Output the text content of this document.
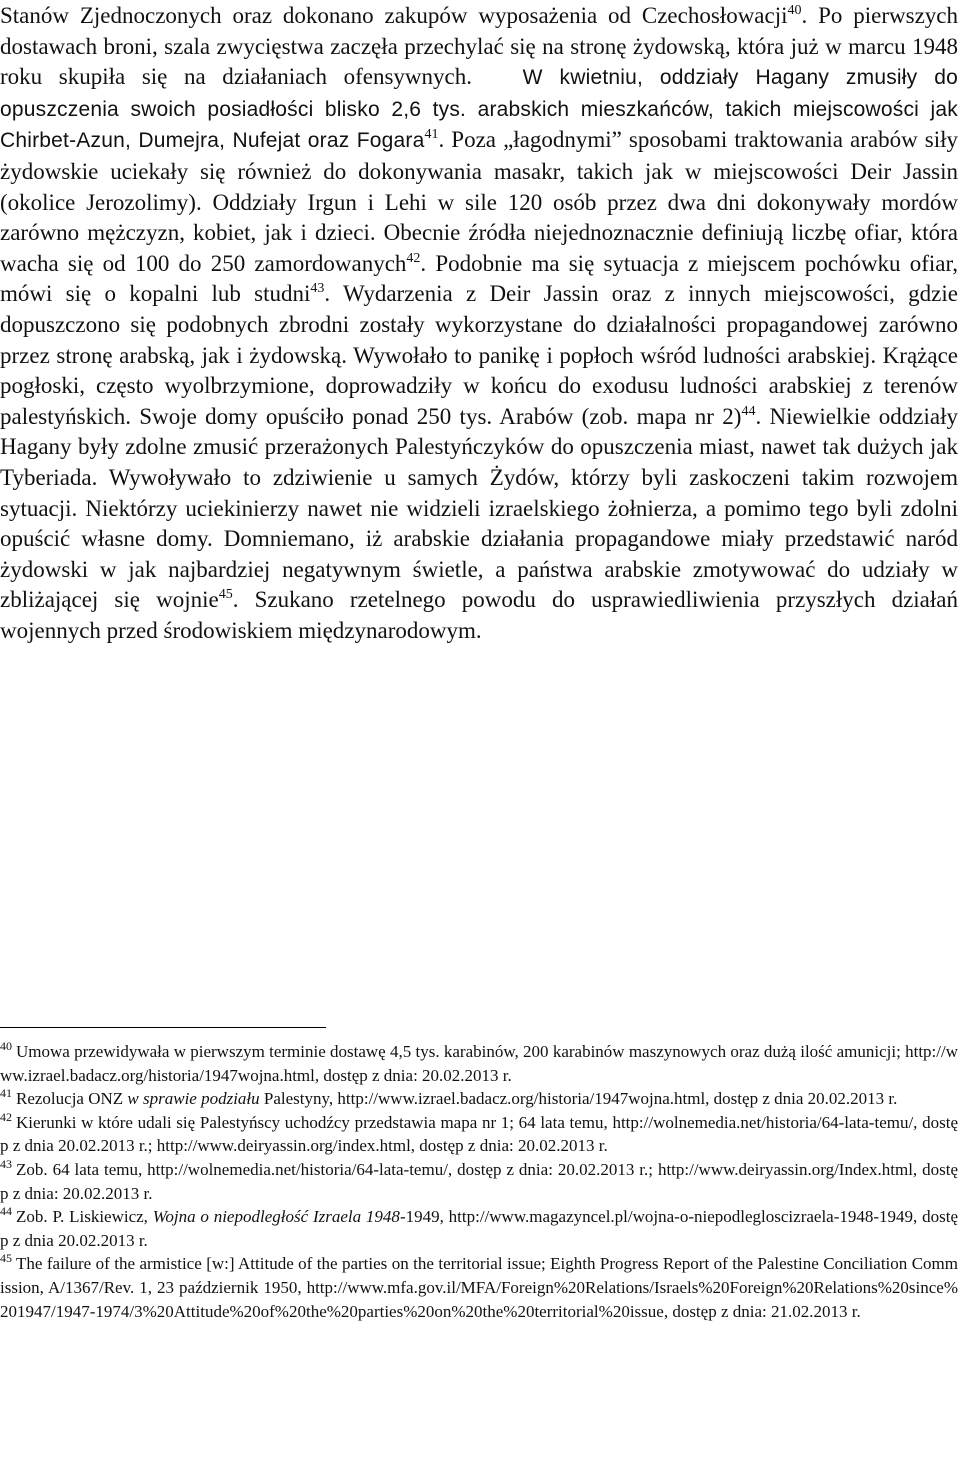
Stanów Zjednoczonych oraz dokonano zakupów wyposażenia od Czechosłowacji$^{40}$. Po pierwszych dostawach broni, szala zwycięstwa zaczęła przechylać się na stronę żydowską, która już w marcu 1948 roku skupiła się na działaniach ofensywnych. W kwietniu, oddziały Hagany zmusiły do opuszczenia swoich posiadłości blisko 2,6 tys. arabskich mieszkańców, takich miejscowości jak Chirbet-Azun, Dumejra, Nufejat oraz Fogara$^{41}$. Poza „łagodnymi” sposobami traktowania arabów siły żydowskie uciekały się również do dokonywania masakr, takich jak w miejscowości Deir Jassin (okolice Jerozolimy). Oddziały Irgun i Lehi w sile 120 osób przez dwa dni dokonywały mordów zarówno mężczyzn, kobiet, jak i dzieci. Obecnie źródła niejednoznacznie definiują liczbę ofiar, która wacha się od 100 do 250 zamordowanych$^{42}$. Podobnie ma się sytuacja z miejscem pochówku ofiar, mówi się o kopalni lub studni$^{43}$. Wydarzenia z Deir Jassin oraz z innych miejscowości, gdzie dopuszczono się podobnych zbrodni zostały wykorzystane do działalności propagandowej zarówno przez stronę arabską, jak i żydowską. Wywołało to panikę i popłoch wśród ludności arabskiej. Krążące pogłoski, często wyolbrzymione, doprowadziły w końcu do exodusu ludności arabskiej z terenów palestyńskich. Swoje domy opuściło ponad 250 tys. Arabów (zob. mapa nr 2)$^{44}$. Niewielkie oddziały Hagany były zdolne zmusić przerażonych Palestyńczyków do opuszczenia miast, nawet tak dużych jak Tyberiada. Wywoływało to zdziwienie u samych Żydów, którzy byli zaskoczeni takim rozwojem sytuacji. Niektórzy uciekinierzy nawet nie widzieli izraelskiego żołnierza, a pomimo tego byli zdolni opuścić własne domy. Domniemano, iż arabskie działania propagandowe miały przedstawić naród żydowski w jak najbardziej negatywnym świetle, a państwa arabskie zmotywować do udziały w zbliżającej się wojnie$^{45}$. Szukano rzetelnego powodu do usprawiedliwienia przyszłych działań wojennych przed środowiskiem międzynarodowym.

$^{40}$ Umowa przewidywała w pierwszym terminie dostawę 4,5 tys. karabinów, 200 karabinów maszynowych oraz dużą ilość amunicji; http://www.izrael.badacz.org/historia/1947wojna.html, dostęp z dnia: 20.02.2013 r.

$^{41}$ Rezolucja ONZ w sprawie podziału Palestyny, http://www.izrael.badacz.org/historia/1947wojna.html, dostęp z dnia 20.02.2013 r.

$^{42}$ Kierunki w które udali się Palestyńscy uchodźcy przedstawia mapa nr 1; 64 lata temu, http://wolnemedia.net/historia/64-lata-temu/, dostęp z dnia 20.02.2013 r.; http://www.deiryassin.org/index.html, dostęp z dnia: 20.02.2013 r.

$^{43}$ Zob. 64 lata temu, http://wolnemedia.net/historia/64-lata-temu/, dostęp z dnia: 20.02.2013 r.; http://www.deiryassin.org/Index.html, dostęp z dnia: 20.02.2013 r.

$^{44}$ Zob. P. Liskiewicz, Wojna o niepodległość Izraela 1948-1949, http://www.magazyncel.pl/wojna-o-niepodlegloscizraela-1948-1949, dostęp z dnia 20.02.2013 r.

$^{45}$ The failure of the armistice [w:] Attitude of the parties on the territorial issue; Eighth Progress Report of the Palestine Conciliation Commission, A/1367/Rev. 1, 23 październik 1950, http://www.mfa.gov.il/MFA/Foreign%20Relations/Israels%20Foreign%20Relations%20since%201947/1947-1974/3%20Attitude%20of%20the%20parties%20on%20the%20territorial%20issue, dostęp z dnia: 21.02.2013 r.
